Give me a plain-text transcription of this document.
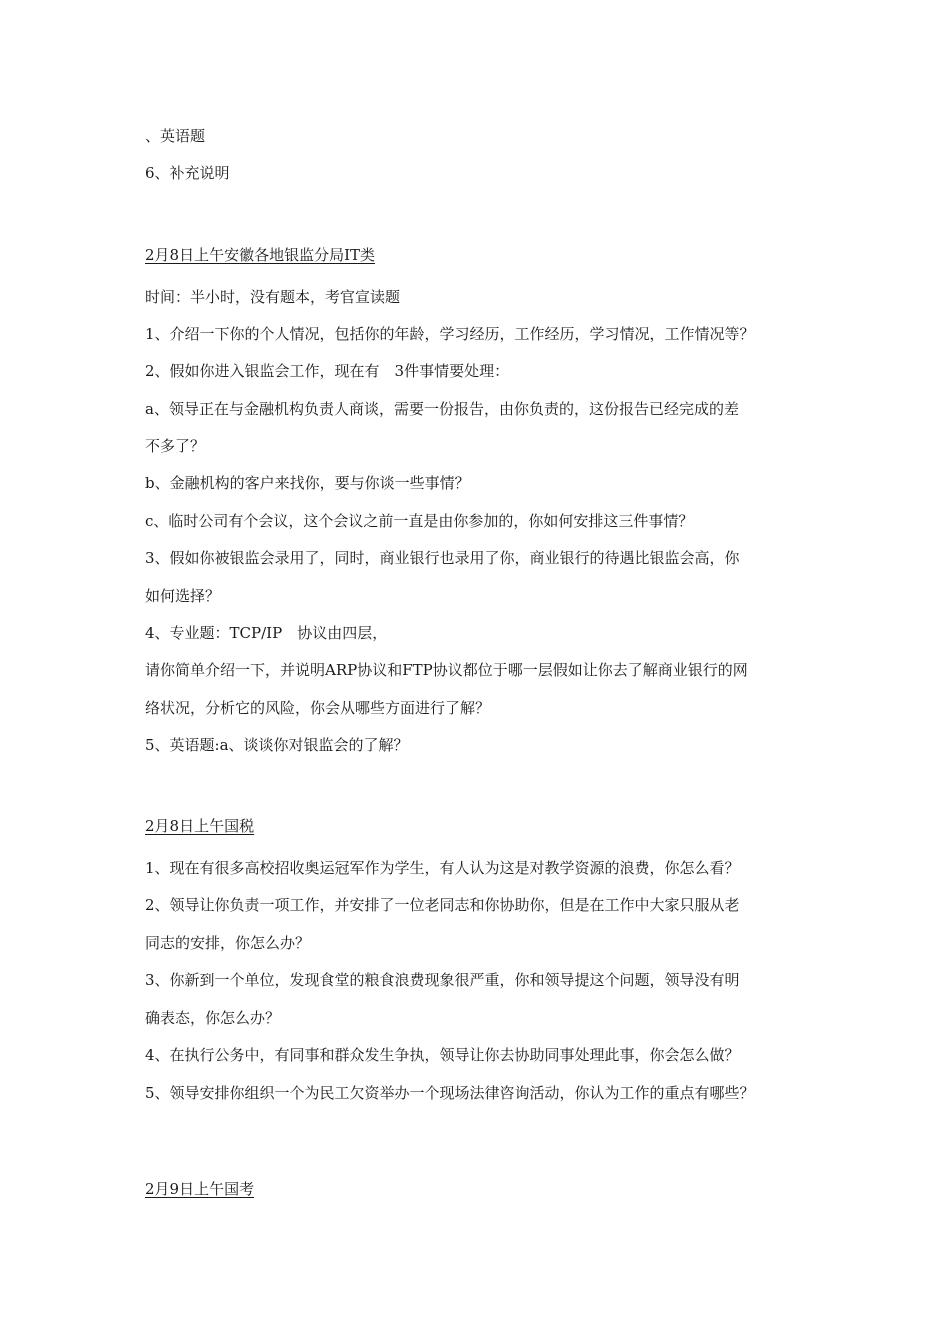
、英语题
6、补充说明
2月8日上午安徽各地银监分局IT类
时间：半小时，没有题本，考官宣读题
1、介绍一下你的个人情况，包括你的年龄，学习经历，工作经历，学习情况，工作情况等？
2、假如你进入银监会工作，现在有　3件事情要处理：
a、领导正在与金融机构负责人商谈，需要一份报告，由你负责的，这份报告已经完成的差
不多了？
b、金融机构的客户来找你，要与你谈一些事情？
c、临时公司有个会议，这个会议之前一直是由你参加的，你如何安排这三件事情？
3、假如你被银监会录用了，同时，商业银行也录用了你，商业银行的待遇比银监会高，你
如何选择？
4、专业题：TCP/IP　协议由四层，
请你简单介绍一下，并说明ARP协议和FTP协议都位于哪一层假如让你去了解商业银行的网
络状况，分析它的风险，你会从哪些方面进行了解？
5、英语题:a、谈谈你对银监会的了解？
2月8日上午国税
1、现在有很多高校招收奥运冠军作为学生，有人认为这是对教学资源的浪费，你怎么看？
2、领导让你负责一项工作，并安排了一位老同志和你协助你，但是在工作中大家只服从老
同志的安排，你怎么办？
3、你新到一个单位，发现食堂的粮食浪费现象很严重，你和领导提这个问题，领导没有明
确表态，你怎么办？
4、在执行公务中，有同事和群众发生争执，领导让你去协助同事处理此事，你会怎么做？
5、领导安排你组织一个为民工欠资举办一个现场法律咨询活动，你认为工作的重点有哪些？
2月9日上午国考
